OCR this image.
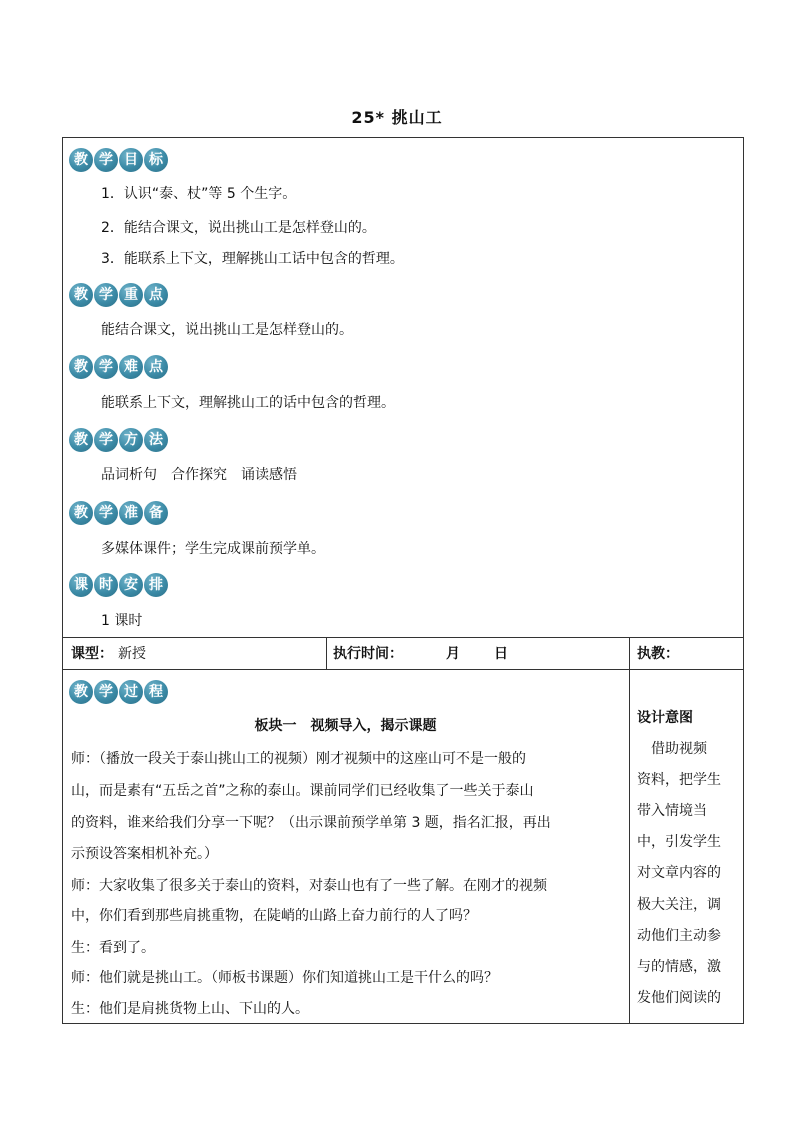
25* 挑山工
教 学 目 标
1．认识“泰、杖”等 5 个生字。
2．能结合课文，说出挑山工是怎样登山的。
3．能联系上下文，理解挑山工话中包含的哲理。
教 学 重 点
能结合课文，说出挑山工是怎样登山的。
教 学 难 点
能联系上下文，理解挑山工的话中包含的哲理。
教 学 方 法
品词析句　合作探究　诵读感悟
教 学 准 备
多媒体课件；学生完成课前预学单。
课 时 安 排
1 课时
课型： 新授	执行时间：	月 日	执教：
教 学 过 程
板块一　视频导入，揭示课题
师：（播放一段关于泰山挑山工的视频）刚才视频中的这座山可不是一般的
山，而是素有“五岳之首”之称的泰山。课前同学们已经收集了一些关于泰山
的资料，谁来给我们分享一下呢？（出示课前预学单第 3 题，指名汇报，再出
示预设答案相机补充。）
师：大家收集了很多关于泰山的资料，对泰山也有了一些了解。在刚才的视频
中，你们看到那些肩挑重物，在陡峭的山路上奋力前行的人了吗？
生：看到了。
师：他们就是挑山工。（师板书课题）你们知道挑山工是干什么的吗？
生：他们是肩挑货物上山、下山的人。
设计意图
　借助视频
资料，把学生
带入情境当
中，引发学生
对文章内容的
极大关注，调
动他们主动参
与的情感，激
发他们阅读的
